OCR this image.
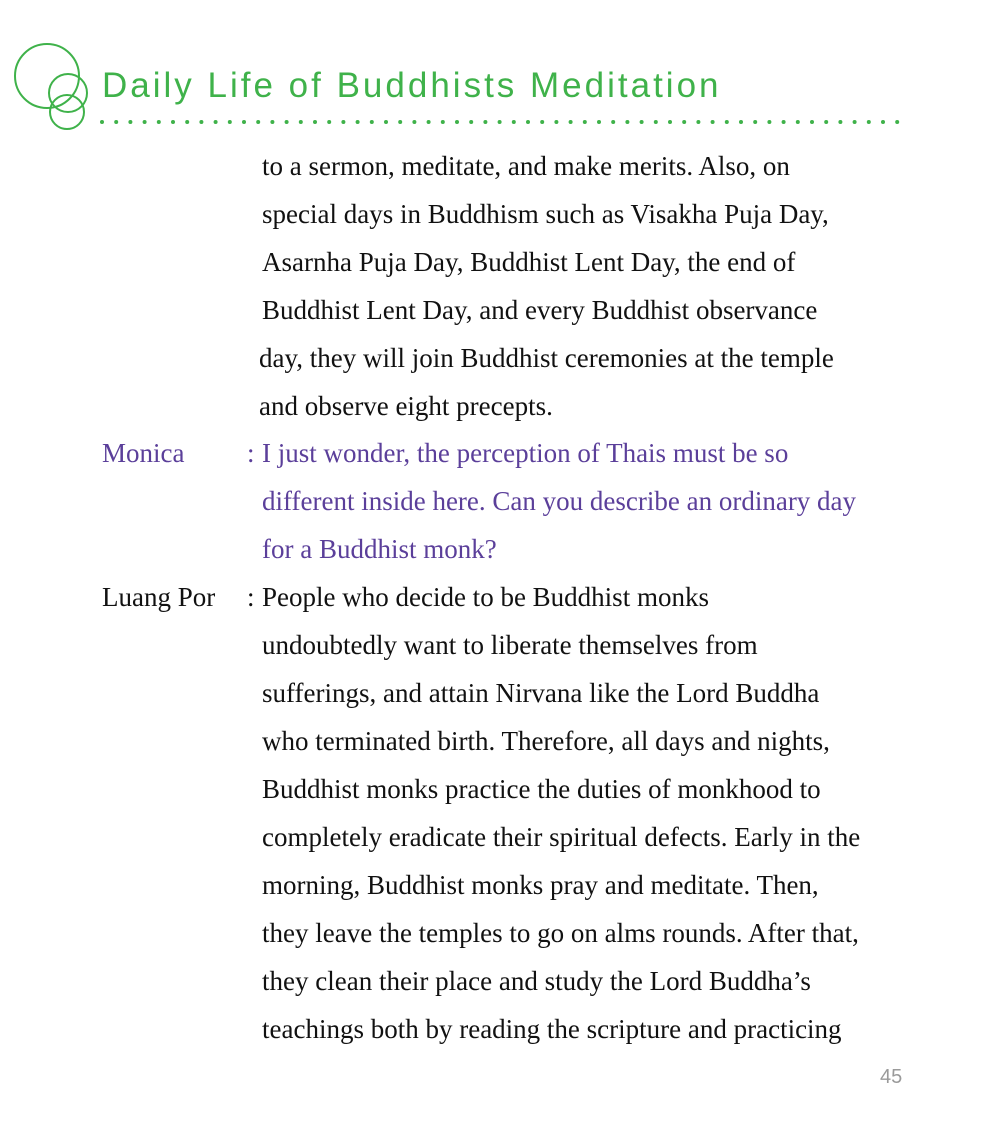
Daily Life of Buddhists Meditation
to a sermon, meditate, and make merits. Also, on
special days in Buddhism such as Visakha Puja Day,
Asarnha Puja Day, Buddhist Lent Day, the end of
Buddhist Lent Day, and every Buddhist observance
day, they will join Buddhist ceremonies at the temple
and observe eight precepts.
Monica : I just wonder, the perception of Thais must be so
different inside here. Can you describe an ordinary day
for a Buddhist monk?
Luang Por : People who decide to be Buddhist monks
undoubtedly want to liberate themselves from
sufferings, and attain Nirvana like the Lord Buddha
who terminated birth. Therefore, all days and nights,
Buddhist monks practice the duties of monkhood to
completely eradicate their spiritual defects. Early in the
morning, Buddhist monks pray and meditate. Then,
they leave the temples to go on alms rounds. After that,
they clean their place and study the Lord Buddha’s
teachings both by reading the scripture and practicing
45
